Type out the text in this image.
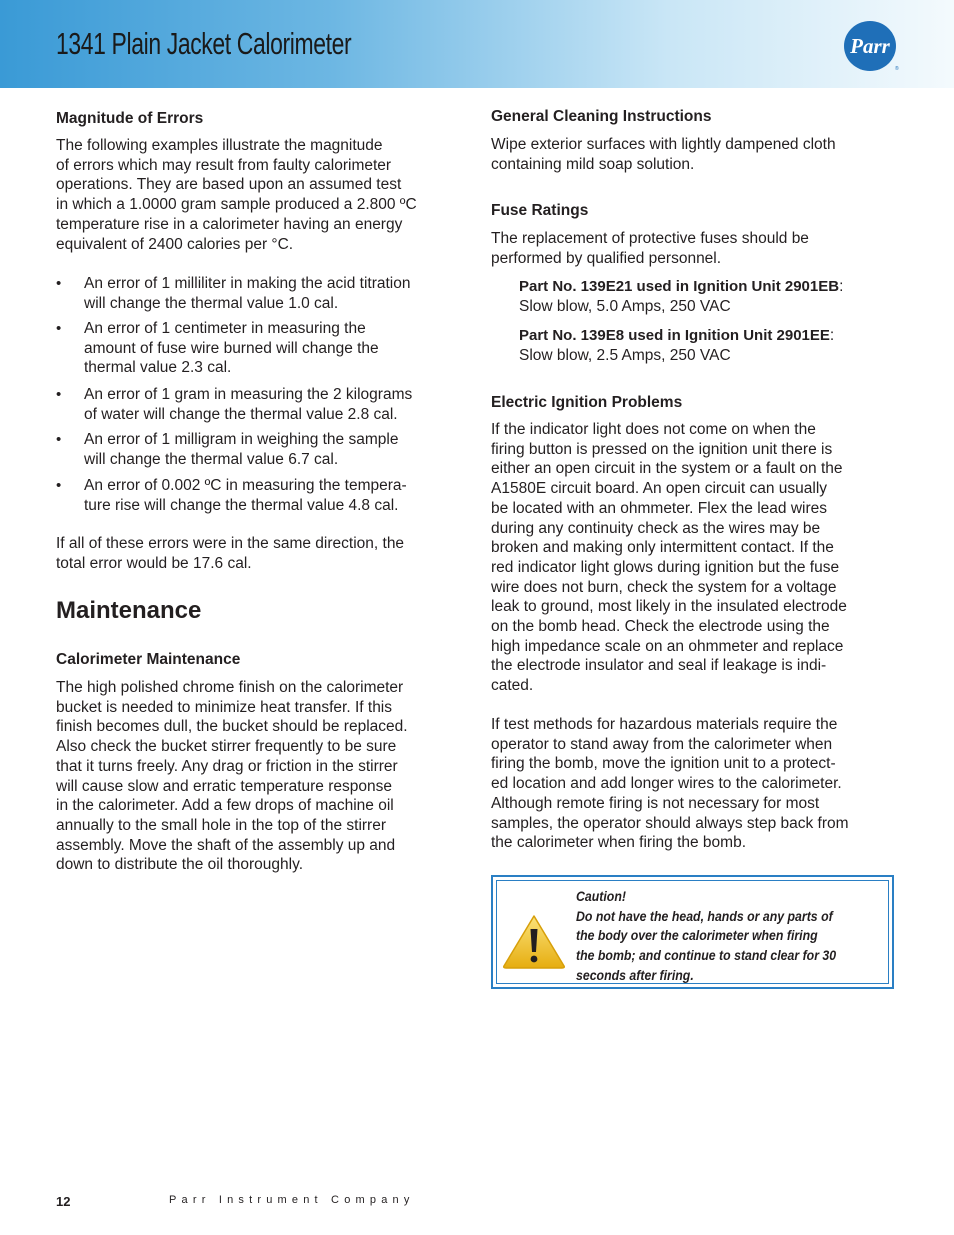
1341 Plain Jacket Calorimeter	Parr
®
Magnitude of Errors
The following examples illustrate the magnitude
of errors which may result from faulty calorimeter
operations. They are based upon an assumed test
in which a 1.0000 gram sample produced a 2.800 ºC
temperature rise in a calorimeter having an energy
equivalent of 2400 calories per °C.
• An error of 1 milliliter in making the acid titration
will change the thermal value 1.0 cal.
• An error of 1 centimeter in measuring the
amount of fuse wire burned will change the
thermal value 2.3 cal.
• An error of 1 gram in measuring the 2 kilograms
of water will change the thermal value 2.8 cal.
• An error of 1 milligram in weighing the sample
will change the thermal value 6.7 cal.
• An error of 0.002 ºC in measuring the tempera-
ture rise will change the thermal value 4.8 cal.
If all of these errors were in the same direction, the
total error would be 17.6 cal.
Maintenance
Calorimeter Maintenance
The high polished chrome finish on the calorimeter
bucket is needed to minimize heat transfer. If this
finish becomes dull, the bucket should be replaced.
Also check the bucket stirrer frequently to be sure
that it turns freely. Any drag or friction in the stirrer
will cause slow and erratic temperature response
in the calorimeter. Add a few drops of machine oil
annually to the small hole in the top of the stirrer
assembly. Move the shaft of the assembly up and
down to distribute the oil thoroughly.
General Cleaning Instructions
Wipe exterior surfaces with lightly dampened cloth
containing mild soap solution.
Fuse Ratings
The replacement of protective fuses should be
performed by qualified personnel.
Part No. 139E21 used in Ignition Unit 2901EB:
Slow blow, 5.0 Amps, 250 VAC
Part No. 139E8 used in Ignition Unit 2901EE:
Slow blow, 2.5 Amps, 250 VAC
Electric Ignition Problems
If the indicator light does not come on when the
firing button is pressed on the ignition unit there is
either an open circuit in the system or a fault on the
A1580E circuit board. An open circuit can usually
be located with an ohmmeter. Flex the lead wires
during any continuity check as the wires may be
broken and making only intermittent contact. If the
red indicator light glows during ignition but the fuse
wire does not burn, check the system for a voltage
leak to ground, most likely in the insulated electrode
on the bomb head. Check the electrode using the
high impedance scale on an ohmmeter and replace
the electrode insulator and seal if leakage is indi-
cated.
If test methods for hazardous materials require the
operator to stand away from the calorimeter when
firing the bomb, move the ignition unit to a protect-
ed location and add longer wires to the calorimeter.
Although remote firing is not necessary for most
samples, the operator should always step back from
the calorimeter when firing the bomb.
Caution!
Do not have the head, hands or any parts of
the body over the calorimeter when firing
the bomb; and continue to stand clear for 30
seconds after firing.
12	Parr Instrument Company
